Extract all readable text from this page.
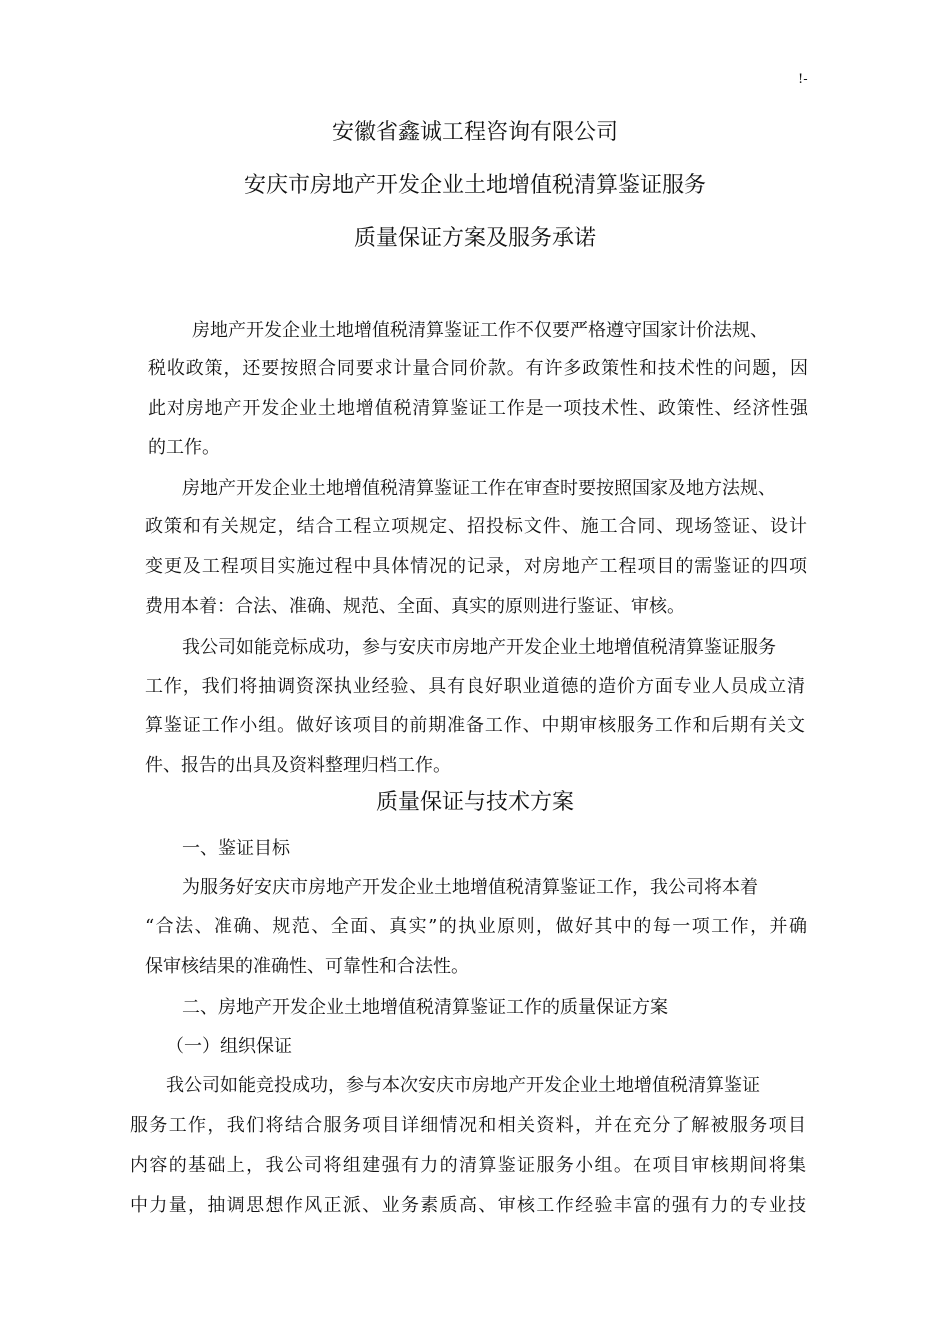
!-
安徽省鑫诚工程咨询有限公司
安庆市房地产开发企业土地增值税清算鉴证服务
质量保证方案及服务承诺
房地产开发企业土地增值税清算鉴证工作不仅要严格遵守国家计价法规、
税收政策，还要按照合同要求计量合同价款。有许多政策性和技术性的问题，因
此对房地产开发企业土地增值税清算鉴证工作是一项技术性、政策性、经济性强
的工作。
房地产开发企业土地增值税清算鉴证工作在审查时要按照国家及地方法规、
政策和有关规定，结合工程立项规定、招投标文件、施工合同、现场签证、设计
变更及工程项目实施过程中具体情况的记录，对房地产工程项目的需鉴证的四项
费用本着：合法、准确、规范、全面、真实的原则进行鉴证、审核。
我公司如能竞标成功，参与安庆市房地产开发企业土地增值税清算鉴证服务
工作，我们将抽调资深执业经验、具有良好职业道德的造价方面专业人员成立清
算鉴证工作小组。做好该项目的前期准备工作、中期审核服务工作和后期有关文
件、报告的出具及资料整理归档工作。
质量保证与技术方案
一、鉴证目标
为服务好安庆市房地产开发企业土地增值税清算鉴证工作，我公司将本着
“合法、准确、规范、全面、真实”的执业原则，做好其中的每一项工作，并确
保审核结果的准确性、可靠性和合法性。
二、房地产开发企业土地增值税清算鉴证工作的质量保证方案
（一）组织保证
我公司如能竞投成功，参与本次安庆市房地产开发企业土地增值税清算鉴证
服务工作，我们将结合服务项目详细情况和相关资料，并在充分了解被服务项目
内容的基础上，我公司将组建强有力的清算鉴证服务小组。在项目审核期间将集
中力量，抽调思想作风正派、业务素质高、审核工作经验丰富的强有力的专业技
